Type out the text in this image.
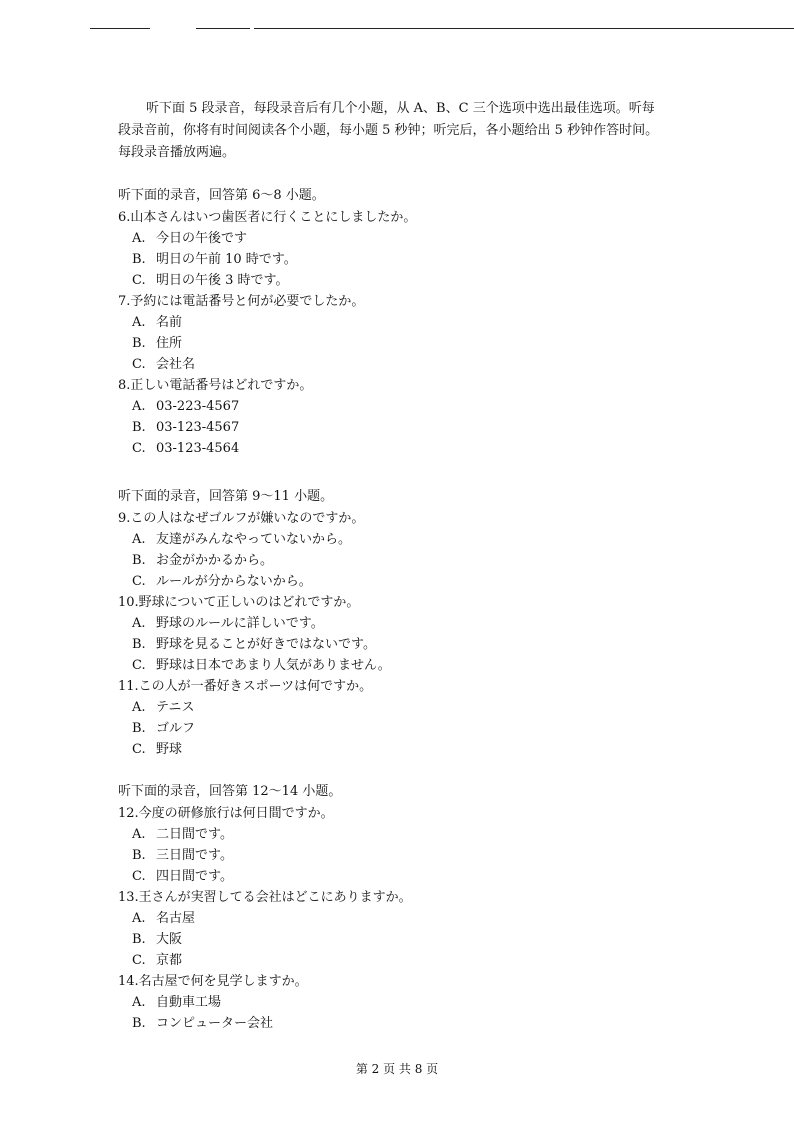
听下面 5 段录音，每段录音后有几个小题，从 A、B、C 三个选项中选出最佳选项。听每
段录音前，你将有时间阅读各个小题，每小题 5 秒钟；听完后，各小题给出 5 秒钟作答时间。
每段录音播放两遍。
听下面的录音，回答第 6～8 小题。
6.山本さんはいつ歯医者に行くことにしましたか。
A. 今日の午後です
B. 明日の午前 10 時です。
C. 明日の午後 3 時です。
7.予約には電話番号と何が必要でしたか。
A. 名前
B. 住所
C. 会社名
8.正しい電話番号はどれですか。
A. 03-223-4567
B. 03-123-4567
C. 03-123-4564
听下面的录音，回答第 9～11 小题。
9.この人はなぜゴルフが嫌いなのですか。
A. 友達がみんなやっていないから。
B. お金がかかるから。
C. ルールが分からないから。
10.野球について正しいのはどれですか。
A. 野球のルールに詳しいです。
B. 野球を見ることが好きではないです。
C. 野球は日本であまり人気がありません。
11.この人が一番好きスポーツは何ですか。
A. テニス
B. ゴルフ
C. 野球
听下面的录音，回答第 12～14 小题。
12.今度の研修旅行は何日間ですか。
A. 二日間です。
B. 三日間です。
C. 四日間です。
13.王さんが実習してる会社はどこにありますか。
A. 名古屋
B. 大阪
C. 京都
14.名古屋で何を見学しますか。
A. 自動車工場
B. コンピューター会社
第 2 页 共 8 页
